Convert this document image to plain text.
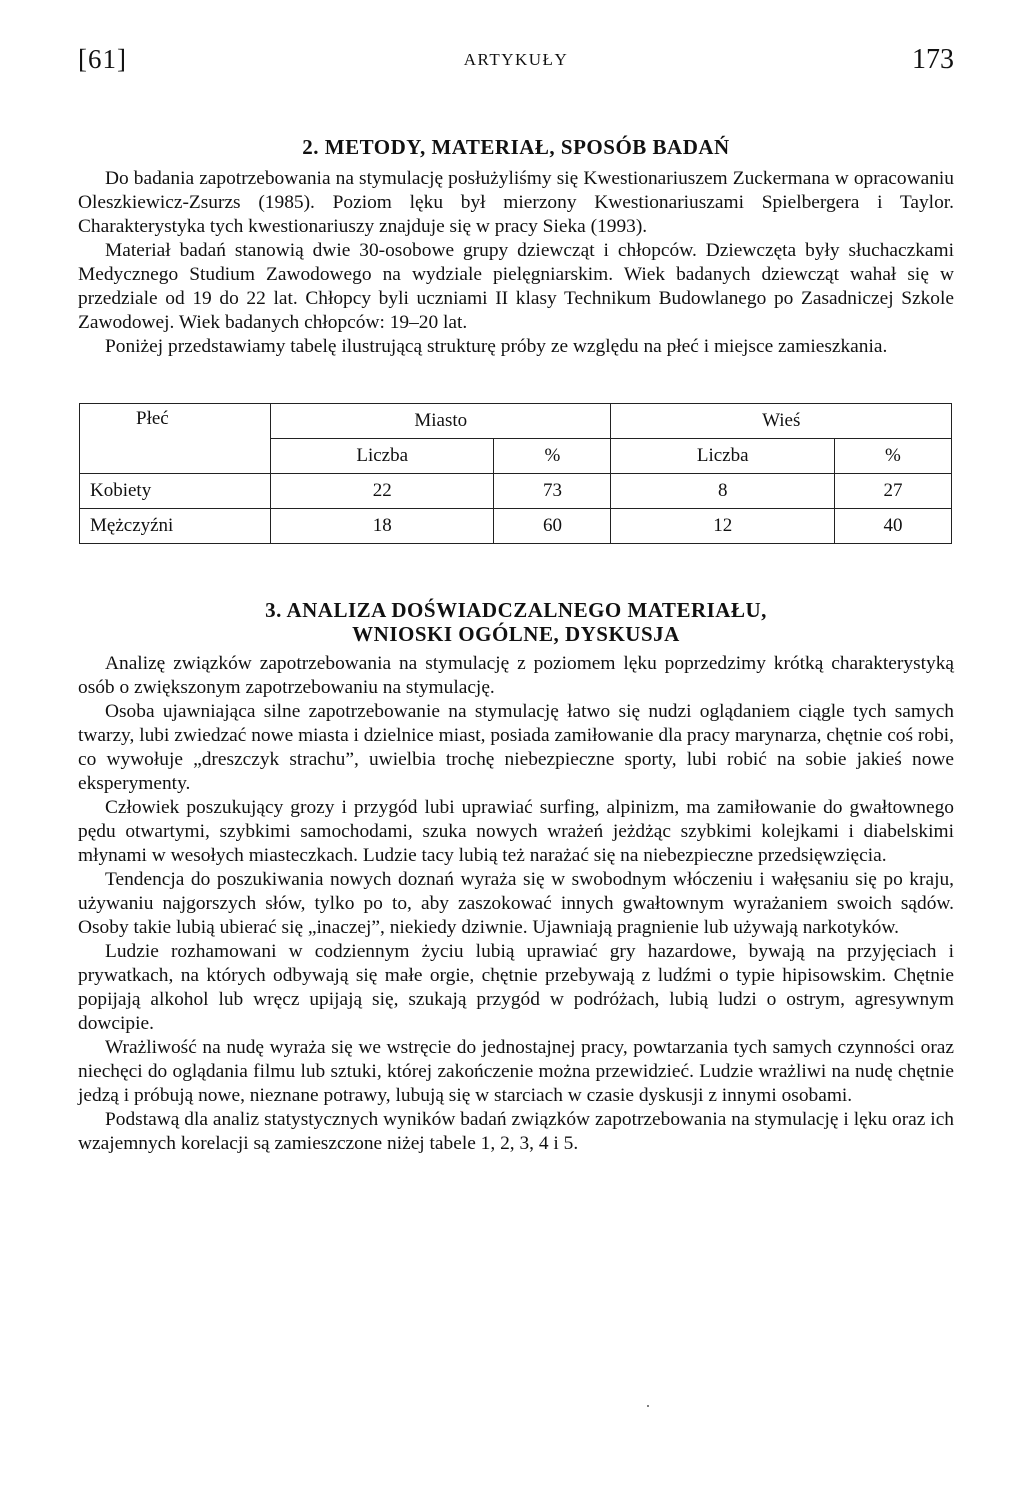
[61]	ARTYKUŁY	173
2. METODY, MATERIAŁ, SPOSÓB BADAŃ

Do badania zapotrzebowania na stymulację posłużyliśmy się Kwestionariuszem Zuckermana w opracowaniu Oleszkiewicz-Zsurzs (1985). Poziom lęku był mierzony Kwestionariuszami Spielbergera i Taylor. Charakterystyka tych kwestionariuszy znajduje się w pracy Sieka (1993).

Materiał badań stanowią dwie 30-osobowe grupy dziewcząt i chłopców. Dziewczęta były słuchaczkami Medycznego Studium Zawodowego na wydziale pielęgniarskim. Wiek badanych dziewcząt wahał się w przedziale od 19 do 22 lat. Chłopcy byli uczniami II klasy Technikum Budowlanego po Zasadniczej Szkole Zawodowej. Wiek badanych chłopców: 19–20 lat.

Poniżej przedstawiamy tabelę ilustrującą strukturę próby ze względu na płeć i miejsce zamieszkania.

Płeć	Miasto		Wieś	
	Liczba	%	Liczba	%
Kobiety	22	73	8	27
Mężczyźni	18	60	12	40
3. ANALIZA DOŚWIADCZALNEGO MATERIAŁU,
WNIOSKI OGÓLNE, DYSKUSJA

Analizę związków zapotrzebowania na stymulację z poziomem lęku poprzedzimy krótką charakterystyką osób o zwiększonym zapotrzebowaniu na stymulację.

Osoba ujawniająca silne zapotrzebowanie na stymulację łatwo się nudzi oglądaniem ciągle tych samych twarzy, lubi zwiedzać nowe miasta i dzielnice miast, posiada zamiłowanie dla pracy marynarza, chętnie coś robi, co wywołuje „dreszczyk strachu”, uwielbia trochę niebezpieczne sporty, lubi robić na sobie jakieś nowe eksperymenty.

Człowiek poszukujący grozy i przygód lubi uprawiać surfing, alpinizm, ma zamiłowanie do gwałtownego pędu otwartymi, szybkimi samochodami, szuka nowych wrażeń jeżdżąc szybkimi kolejkami i diabelskimi młynami w wesołych miasteczkach. Ludzie tacy lubią też narażać się na niebezpieczne przedsięwzięcia.

Tendencja do poszukiwania nowych doznań wyraża się w swobodnym włóczeniu i wałęsaniu się po kraju, używaniu najgorszych słów, tylko po to, aby zaszokować innych gwałtownym wyrażaniem swoich sądów. Osoby takie lubią ubierać się „inaczej”, niekiedy dziwnie. Ujawniają pragnienie lub używają narkotyków.

Ludzie rozhamowani w codziennym życiu lubią uprawiać gry hazardowe, bywają na przyjęciach i prywatkach, na których odbywają się małe orgie, chętnie przebywają z ludźmi o typie hipisowskim. Chętnie popijają alkohol lub wręcz upijają się, szukają przygód w podróżach, lubią ludzi o ostrym, agresywnym dowcipie.

Wrażliwość na nudę wyraża się we wstręcie do jednostajnej pracy, powtarzania tych samych czynności oraz niechęci do oglądania filmu lub sztuki, której zakończenie można przewidzieć. Ludzie wrażliwi na nudę chętnie jedzą i próbują nowe, nieznane potrawy, lubują się w starciach w czasie dyskusji z innymi osobami.

Podstawą dla analiz statystycznych wyników badań związków zapotrzebowania na stymulację i lęku oraz ich wzajemnych korelacji są zamieszczone niżej tabele 1, 2, 3, 4 i 5.
